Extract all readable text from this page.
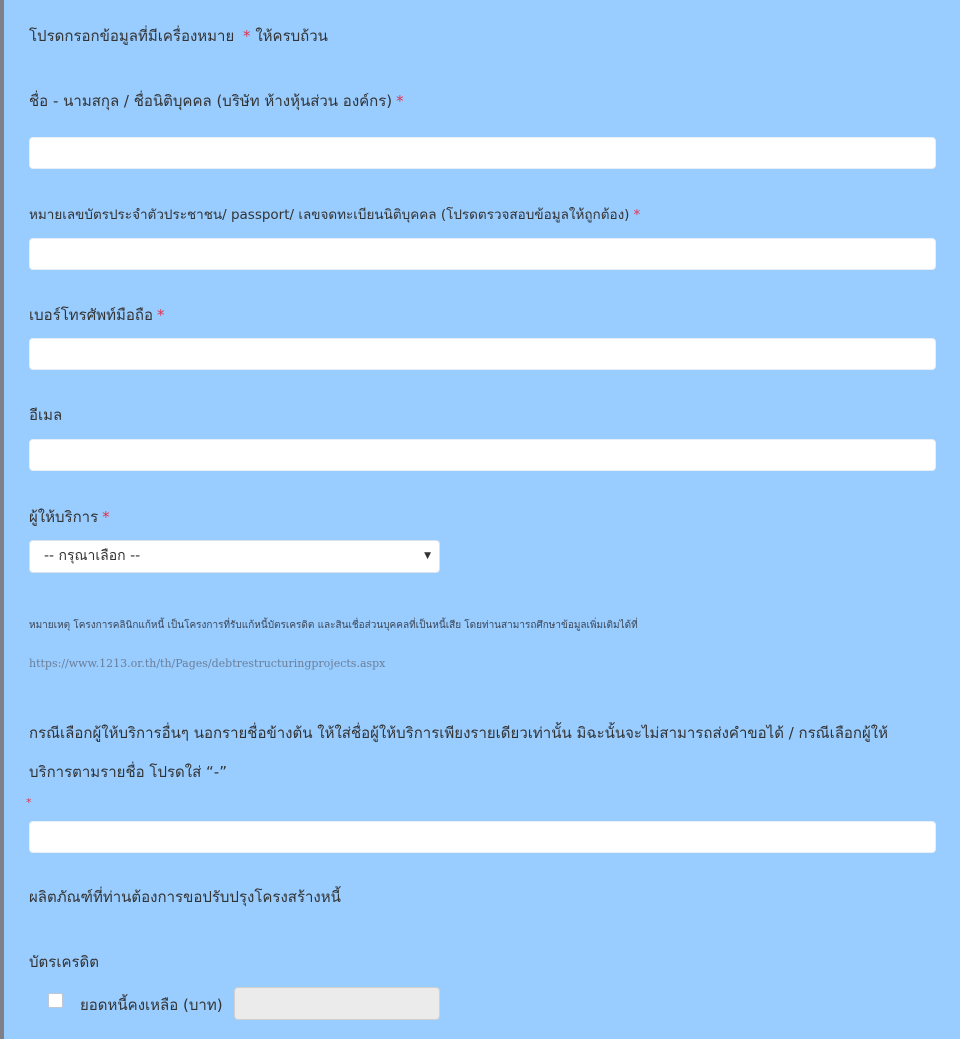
โปรดกรอกข้อมูลที่มีเครื่องหมาย * ให้ครบถ้วน
ชื่อ - นามสกุล / ชื่อนิติบุคคล (บริษัท ห้างหุ้นส่วน องค์กร) *
หมายเลขบัตรประจำตัวประชาชน/ passport/ เลขจดทะเบียนนิติบุคคล (โปรดตรวจสอบข้อมูลให้ถูกต้อง) *
เบอร์โทรศัพท์มือถือ *
อีเมล
ผู้ให้บริการ *
-- กรุณาเลือก --	▼
หมายเหตุ โครงการคลินิกแก้หนี้ เป็นโครงการที่รับแก้หนี้บัตรเครดิต และสินเชื่อส่วนบุคคลที่เป็นหนี้เสีย โดยท่านสามารถศึกษาข้อมูลเพิ่มเติมได้ที่
https://www.1213.or.th/th/Pages/debtrestructuringprojects.aspx
กรณีเลือกผู้ให้บริการอื่นๆ นอกรายชื่อข้างต้น ให้ใส่ชื่อผู้ให้บริการเพียงรายเดียวเท่านั้น มิฉะนั้นจะไม่สามารถส่งคำขอได้ / กรณีเลือกผู้ให้
บริการตามรายชื่อ โปรดใส่ “-”
*
ผลิตภัณฑ์ที่ท่านต้องการขอปรับปรุงโครงสร้างหนี้
บัตรเครดิต
ยอดหนี้คงเหลือ (บาท)
